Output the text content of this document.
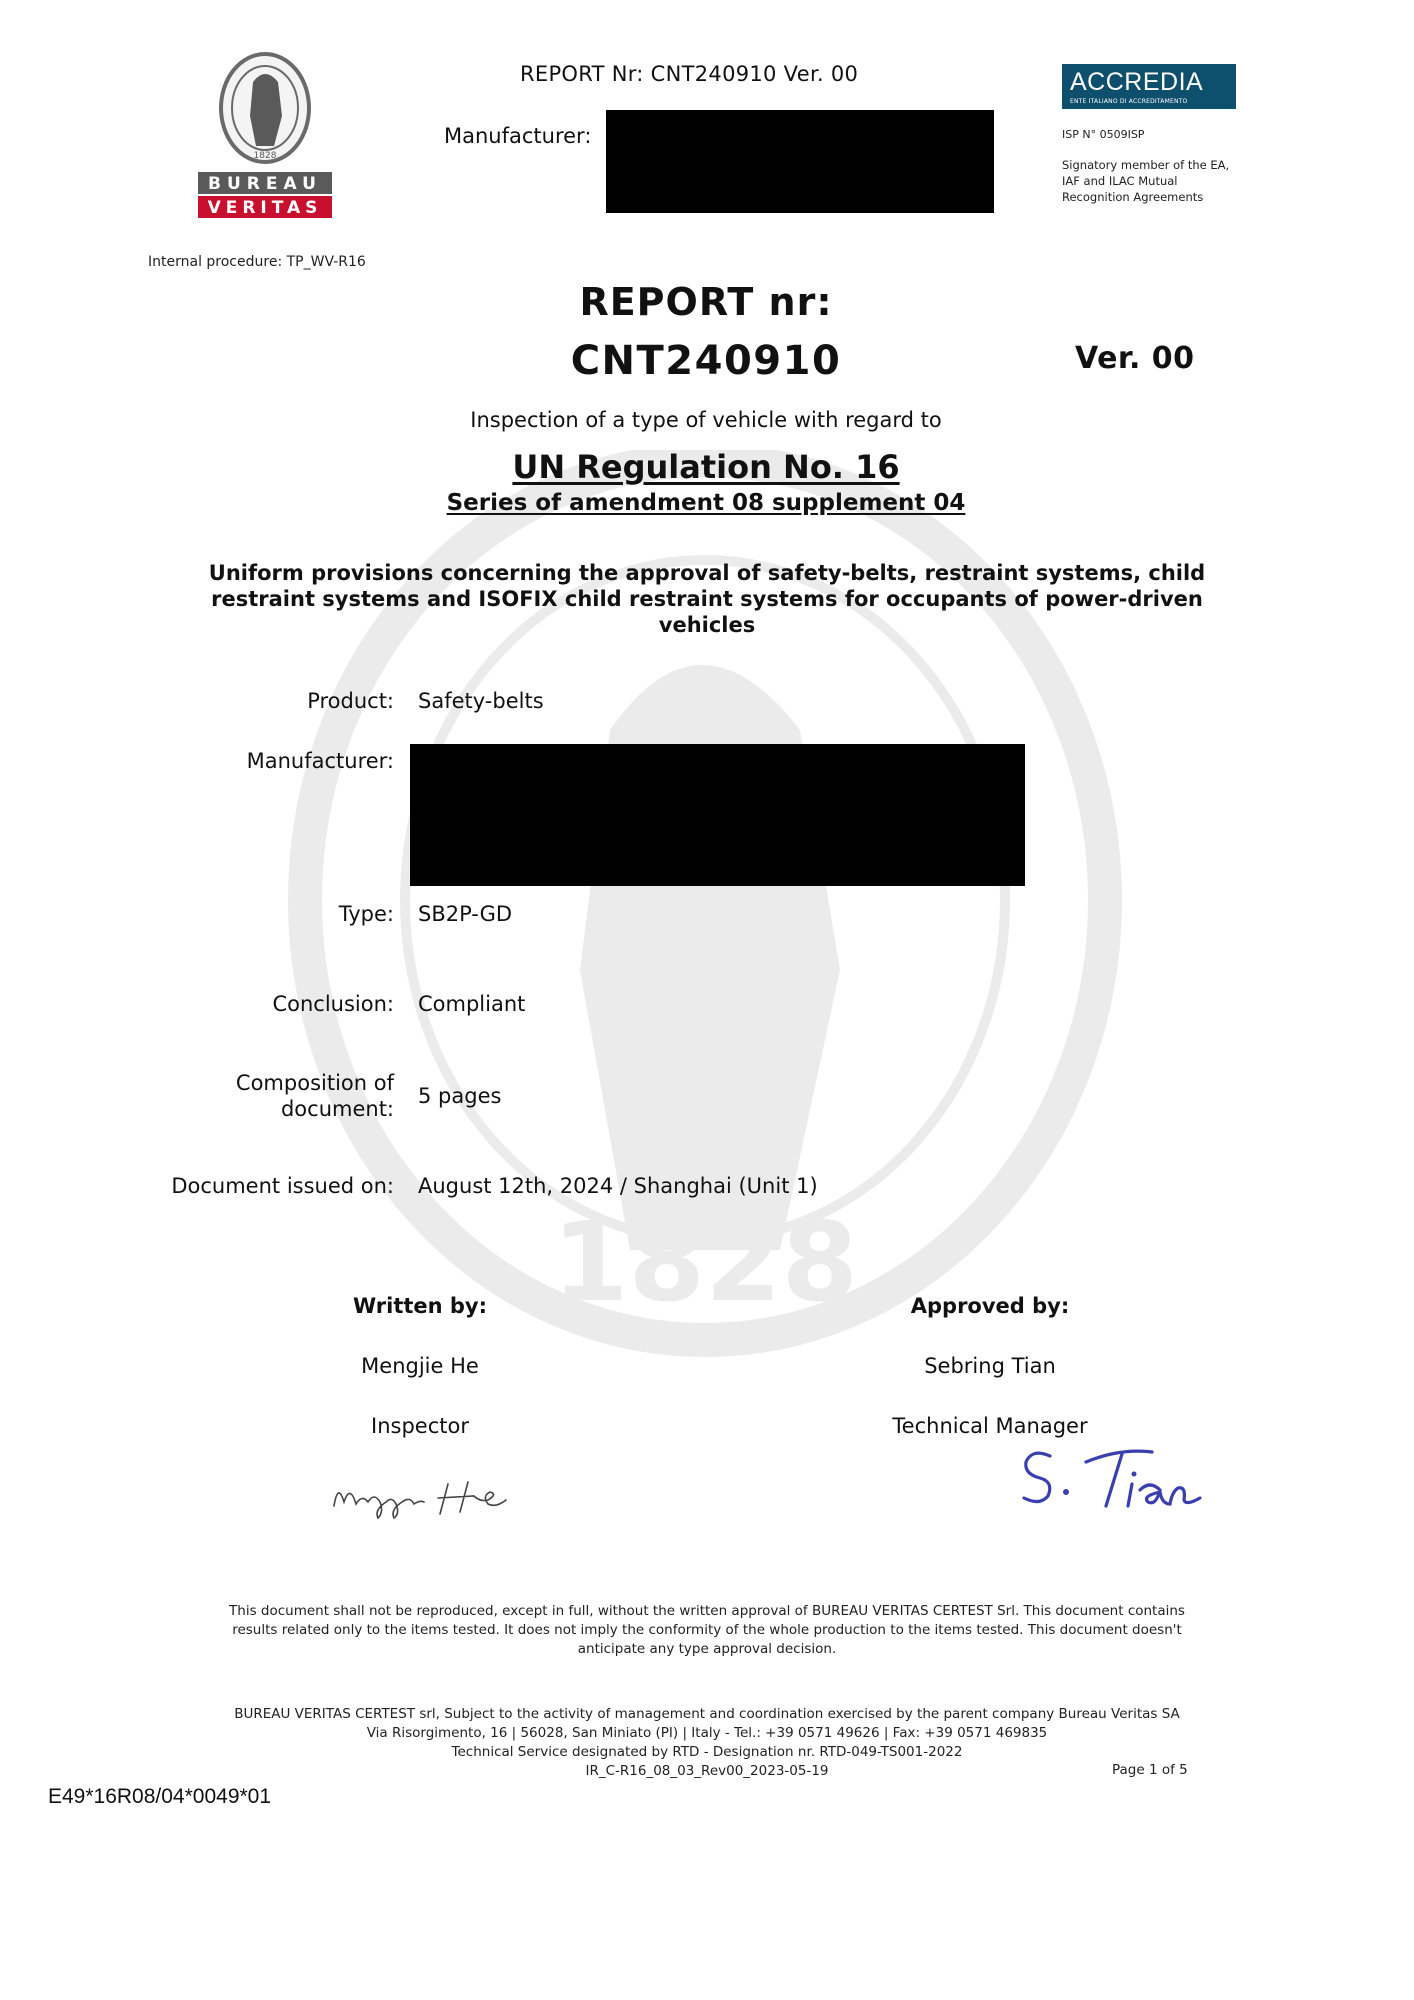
1828
1828
BUREAU
VERITAS
REPORT Nr: CNT240910 Ver. 00
Manufacturer:
ACCREDIA
ENTE ITALIANO DI ACCREDITAMENTO
ISP N° 0509ISP
Signatory member of the EA, IAF and ILAC Mutual Recognition Agreements
Internal procedure: TP_WV-R16
REPORT nr:
CNT240910	Ver. 00
Inspection of a type of vehicle with regard to
UN Regulation No. 16
Series of amendment 08 supplement 04
Uniform provisions concerning the approval of safety-belts, restraint systems, child restraint systems and ISOFIX child restraint systems for occupants of power-driven vehicles
Product: Safety-belts
Manufacturer:
Type: SB2P-GD
Conclusion: Compliant
Composition of
document:
5 pages
Document issued on: August 12th, 2024 / Shanghai (Unit 1)
Written by:
Mengjie He
Inspector
Approved by:
Sebring Tian
Technical Manager
This document shall not be reproduced, except in full, without the written approval of BUREAU VERITAS CERTEST Srl. This document contains
results related only to the items tested. It does not imply the conformity of the whole production to the items tested. This document doesn't
anticipate any type approval decision.
BUREAU VERITAS CERTEST srl, Subject to the activity of management and coordination exercised by the parent company Bureau Veritas SA
Via Risorgimento, 16 | 56028, San Miniato (PI) | Italy - Tel.: +39 0571 49626 | Fax: +39 0571 469835
Technical Service designated by RTD - Designation nr. RTD-049-TS001-2022
IR_C-R16_08_03_Rev00_2023-05-19	Page 1 of 5
E49*16R08/04*0049*01
